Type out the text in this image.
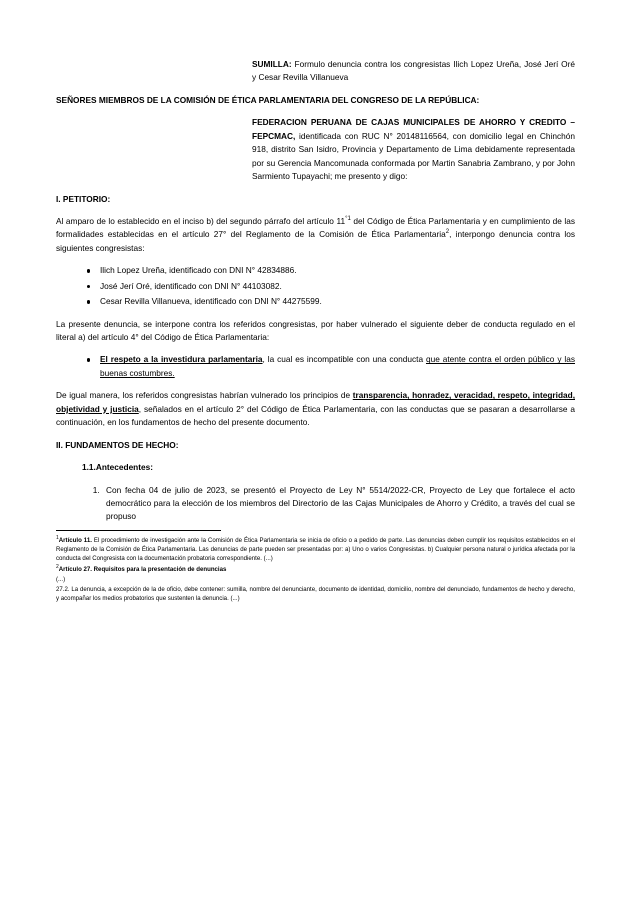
SUMILLA: Formulo denuncia contra los congresistas Ilich Lopez Ureña, José Jerí Oré y Cesar Revilla Villanueva

SEÑORES MIEMBROS DE LA COMISIÓN DE ÉTICA PARLAMENTARIA DEL CONGRESO DE LA REPÚBLICA:

FEDERACION PERUANA DE CAJAS MUNICIPALES DE AHORRO Y CREDITO – FEPCMAC, identificada con RUC N° 20148116564, con domicilio legal en Chinchón 918, distrito San Isidro, Provincia y Departamento de Lima debidamente representada por su Gerencia Mancomunada conformada por Martin Sanabria Zambrano, y por John Sarmiento Tupayachi; me presento y digo:

I. PETITORIO:

Al amparo de lo establecido en el inciso b) del segundo párrafo del artículo $11^{^\circ 1}$ del Código de Ética Parlamentaria y en cumplimiento de las formalidades establecidas en el artículo 27° del Reglamento de la Comisión de Ética Parlamentaria$^2$, interpongo denuncia contra los siguientes congresistas:

Ilich Lopez Ureña, identificado con DNI N° 42834886.
José Jerí Oré, identificado con DNI N° 44103082.
Cesar Revilla Villanueva, identificado con DNI N° 44275599.

La presente denuncia, se interpone contra los referidos congresistas, por haber vulnerado el siguiente deber de conducta regulado en el literal a) del artículo 4° del Código de Ética Parlamentaria:

El respeto a la investidura parlamentaria, la cual es incompatible con una conducta que atente contra el orden público y las buenas costumbres.

De igual manera, los referidos congresistas habrían vulnerado los principios de transparencia, honradez, veracidad, respeto, integridad, objetividad y justicia, señalados en el artículo 2° del Código de Ética Parlamentaria, con las conductas que se pasaran a desarrollarse a continuación, en los fundamentos de hecho del presente documento.

II. FUNDAMENTOS DE HECHO:

1.1.Antecedentes:

1. Con fecha 04 de julio de 2023, se presentó el Proyecto de Ley N° 5514/2022-CR, Proyecto de Ley que fortalece el acto democrático para la elección de los miembros del Directorio de las Cajas Municipales de Ahorro y Crédito, a través del cual se propuso

$^1$Artículo 11. El procedimiento de investigación ante la Comisión de Ética Parlamentaria se inicia de oficio o a pedido de parte. Las denuncias deben cumplir los requisitos establecidos en el Reglamento de la Comisión de Ética Parlamentaria. Las denuncias de parte pueden ser presentadas por: a) Uno o varios Congresistas. b) Cualquier persona natural o jurídica afectada por la conducta del Congresista con la documentación probatoria correspondiente. (...)

$^2$Artículo 27. Requisitos para la presentación de denuncias

(...)

27.2. La denuncia, a excepción de la de oficio, debe contener: sumilla, nombre del denunciante, documento de identidad, domicilio, nombre del denunciado, fundamentos de hecho y derecho, y acompañar los medios probatorios que sustenten la denuncia. (...)
